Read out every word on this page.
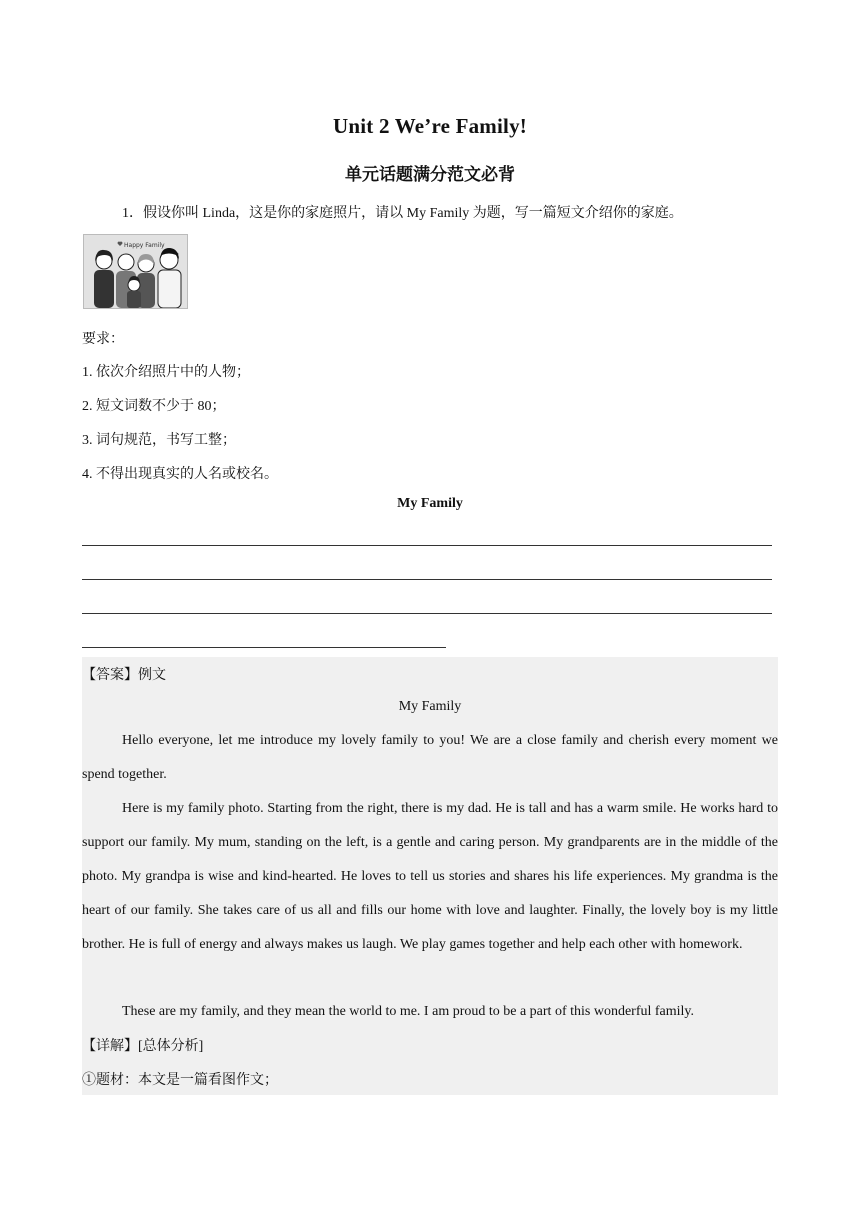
Unit 2 We’re Family!
单元话题满分范文必背
1．假设你叫 Linda，这是你的家庭照片，请以 My Family 为题，写一篇短文介绍你的家庭。
Happy Family
要求：
1. 依次介绍照片中的人物；
2. 短文词数不少于 80；
3. 词句规范，书写工整；
4. 不得出现真实的人名或校名。
My Family
【答案】例文
My Family

Hello everyone, let me introduce my lovely family to you! We are a close family and cherish every moment we spend together.

Here is my family photo. Starting from the right, there is my dad. He is tall and has a warm smile. He works hard to support our family. My mum, standing on the left, is a gentle and caring person. My grandparents are in the middle of the photo. My grandpa is wise and kind-hearted. He loves to tell us stories and shares his life experiences. My grandma is the heart of our family. She takes care of us all and fills our home with love and laughter. Finally, the lovely boy is my little brother. He is full of energy and always makes us laugh. We play games together and help each other with homework.

These are my family, and they mean the world to me. I am proud to be a part of this wonderful family.

【详解】[总体分析]
①题材：本文是一篇看图作文；
